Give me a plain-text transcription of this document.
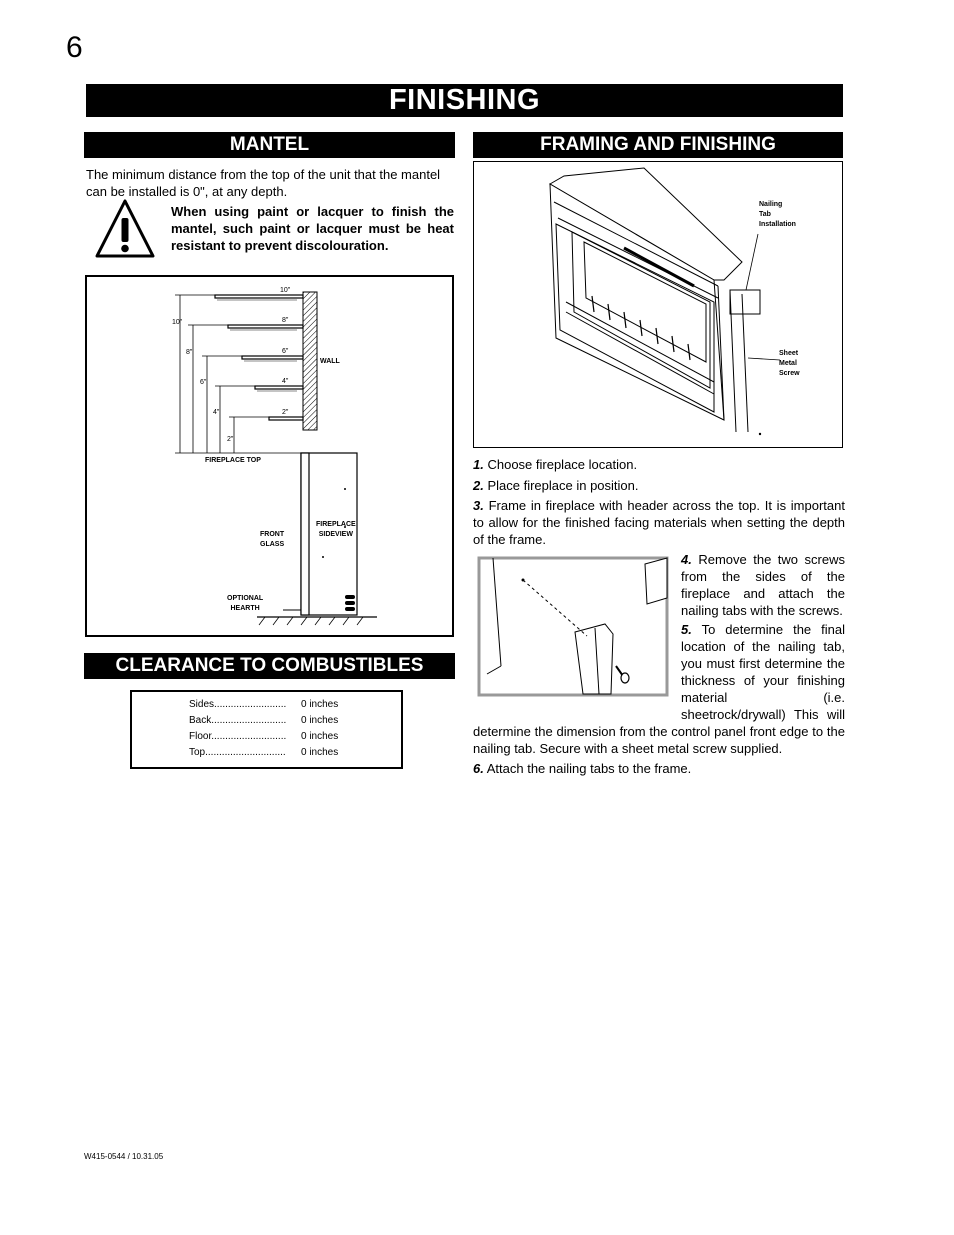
6
FINISHING
MANTEL
The minimum distance from the top of the unit that the mantel can be installed is 0", at any depth.
When using paint or lacquer to finish the mantel, such paint or lacquer must be heat resistant to prevent discolouration.
10"
8"
6"
4"
2"
10"
8"
6"
4"
2"
WALL
FIREPLACE TOP
FRONT
GLASS
FIREPLACE
SIDEVIEW
OPTIONAL
HEARTH
CLEARANCE TO COMBUSTIBLES
Sides..........................	0 inches
Back...........................	0 inches
Floor...........................	0 inches
Top.............................	0 inches
FRAMING AND FINISHING
Nailing
Tab
Installation
Sheet
Metal
Screw
1. Choose fireplace location.
2. Place fireplace in position.
3. Frame in fireplace with header across the top. It is important to allow for the finished facing materials when setting the depth of the frame.
4. Remove the two screws from the sides of the fireplace and attach the nailing tabs with the screws.
5. To determine the final location of the nailing tab, you must first determine the thickness of your finishing material (i.e. sheetrock/drywall) This will determine the dimension from the control panel front edge to the nailing tab. Secure with a sheet metal screw supplied.
6. Attach the nailing tabs to the frame.
W415-0544 / 10.31.05
